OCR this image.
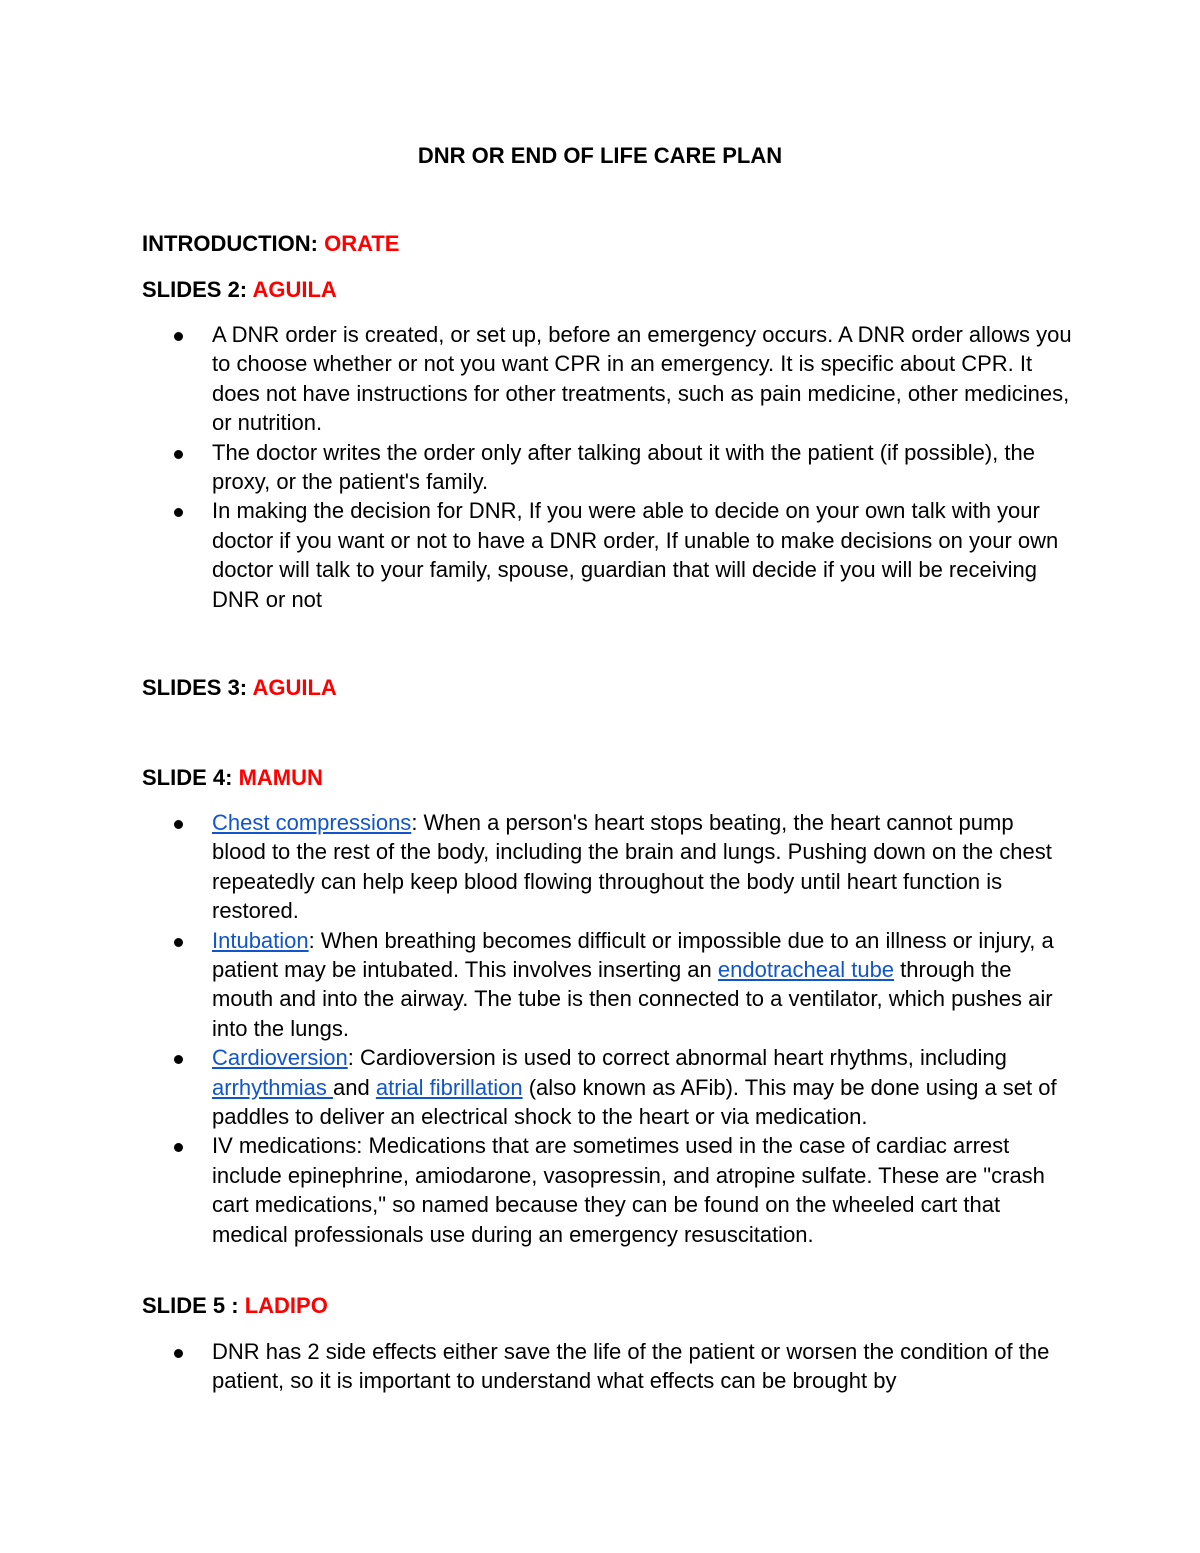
DNR OR END OF LIFE CARE PLAN
INTRODUCTION: ORATE
SLIDES 2: AGUILA
A DNR order is created, or set up, before an emergency occurs. A DNR order allows you to choose whether or not you want CPR in an emergency. It is specific about CPR. It does not have instructions for other treatments, such as pain medicine, other medicines, or nutrition.
The doctor writes the order only after talking about it with the patient (if possible), the proxy, or the patient's family.
In making the decision for DNR, If you were able to decide on your own talk with your doctor if you want or not to have a DNR order, If unable to make decisions on your own doctor will talk to your family, spouse, guardian that will decide if you will be receiving DNR or not
SLIDES 3: AGUILA
SLIDE 4: MAMUN
Chest compressions: When a person's heart stops beating, the heart cannot pump blood to the rest of the body, including the brain and lungs. Pushing down on the chest repeatedly can help keep blood flowing throughout the body until heart function is restored.
Intubation: When breathing becomes difficult or impossible due to an illness or injury, a patient may be intubated. This involves inserting an endotracheal tube through the mouth and into the airway. The tube is then connected to a ventilator, which pushes air into the lungs.
Cardioversion: Cardioversion is used to correct abnormal heart rhythms, including arrhythmias and atrial fibrillation (also known as AFib). This may be done using a set of paddles to deliver an electrical shock to the heart or via medication.
IV medications: Medications that are sometimes used in the case of cardiac arrest include epinephrine, amiodarone, vasopressin, and atropine sulfate. These are "crash cart medications," so named because they can be found on the wheeled cart that medical professionals use during an emergency resuscitation.
SLIDE 5 : LADIPO
DNR has 2 side effects either save the life of the patient or worsen the condition of the patient, so it is important to understand what effects can be brought by
